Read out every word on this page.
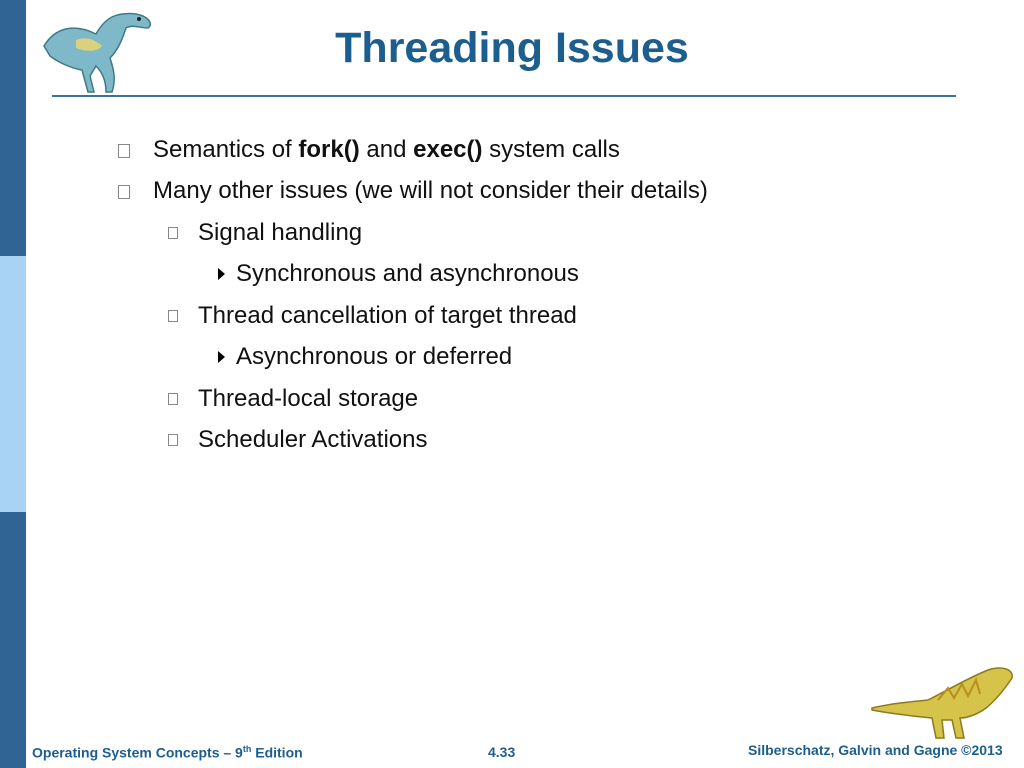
Threading Issues
Semantics of fork() and exec() system calls
Many other issues (we will not consider their details)
Signal handling
Synchronous and asynchronous
Thread cancellation of target thread
Asynchronous or deferred
Thread-local storage
Scheduler Activations
Operating System Concepts – 9th Edition	4.33	Silberschatz, Galvin and Gagne ©2013
